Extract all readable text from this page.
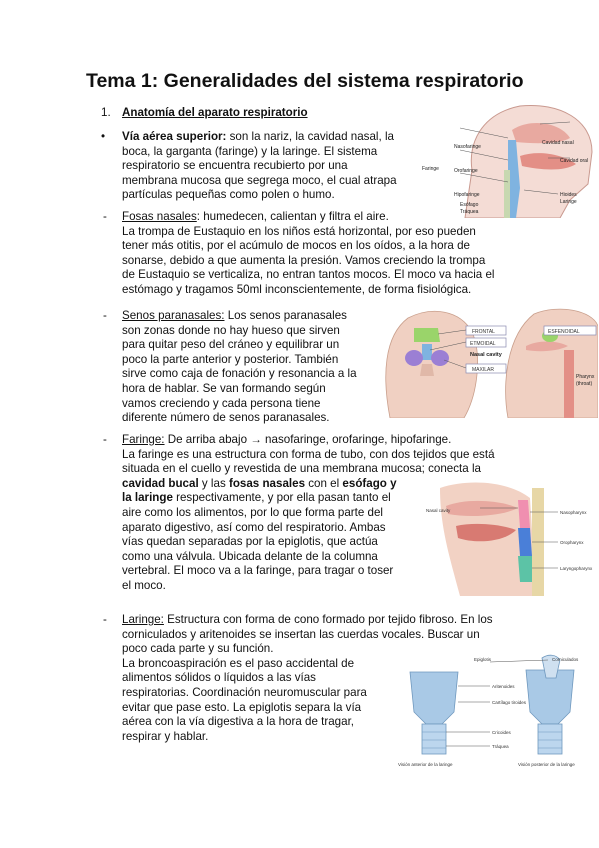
Tema 1: Generalidades del sistema respiratorio
1. Anatomía del aparato respiratorio
• Vía aérea superior: son la nariz, la cavidad nasal, la
boca, la garganta (faringe) y la laringe. El sistema
respiratorio se encuentra recubierto por una
membrana mucosa que segrega moco, el cual atrapa
partículas pequeñas como polen o humo.
- Fosas nasales: humedecen, calientan y filtra el aire.
La trompa de Eustaquio en los niños está horizontal, por eso pueden
tener más otitis, por el acúmulo de mocos en los oídos, a la hora de
sonarse, debido a que aumenta la presión. Vamos creciendo la trompa
de Eustaquio se verticaliza, no entran tantos mocos. El moco va hacia el
estómago y tragamos 50ml inconscientemente, de forma fisiológica.
- Senos paranasales: Los senos paranasales
son zonas donde no hay hueso que sirven
para quitar peso del cráneo y equilibrar un
poco la parte anterior y posterior. También
sirve como caja de fonación y resonancia a la
hora de hablar. Se van formando según
vamos creciendo y cada persona tiene
diferente número de senos paranasales.
- Faringe: De arriba abajo → nasofaringe, orofaringe, hipofaringe.
La faringe es una estructura con forma de tubo, con dos tejidos que está
situada en el cuello y revestida de una membrana mucosa; conecta la
cavidad bucal y las fosas nasales con el esófago y
la laringe respectivamente, y por ella pasan tanto el
aire como los alimentos, por lo que forma parte del
aparato digestivo, así como del respiratorio. Ambas
vías quedan separadas por la epiglotis, que actúa
como una válvula. Ubicada delante de la columna
vertebral. El moco va a la faringe, para tragar o toser
el moco.
- Laringe: Estructura con forma de cono formado por tejido fibroso. En los
corniculados y aritenoides se insertan las cuerdas vocales. Buscar un
poco cada parte y su función.
La broncoaspiración es el paso accidental de
alimentos sólidos o líquidos a las vías
respiratorias. Coordinación neuromuscular para
evitar que pase esto. La epiglotis separa la vía
aérea con la vía digestiva a la hora de tragar,
respirar y hablar.
Nasofaringe
Faringe	Orofaringe
Hipofaringe
Esófago
Tráquea
Cavidad nasal
Cavidad oral
Hioides
Laringe
FRONTAL
ETMOIDAL
MAXILAR
Nasal cavity
ESFENOIDAL
Pharynx
(throat)
Nasal cavity	Nasopharynx
Oropharynx
Laryngopharynx
Epiglotis	Corniculados
Aritenoides
Cartílago tiroides
Cricoides
Tráquea
Visión anterior de la laringe	Visión posterior de la laringe
